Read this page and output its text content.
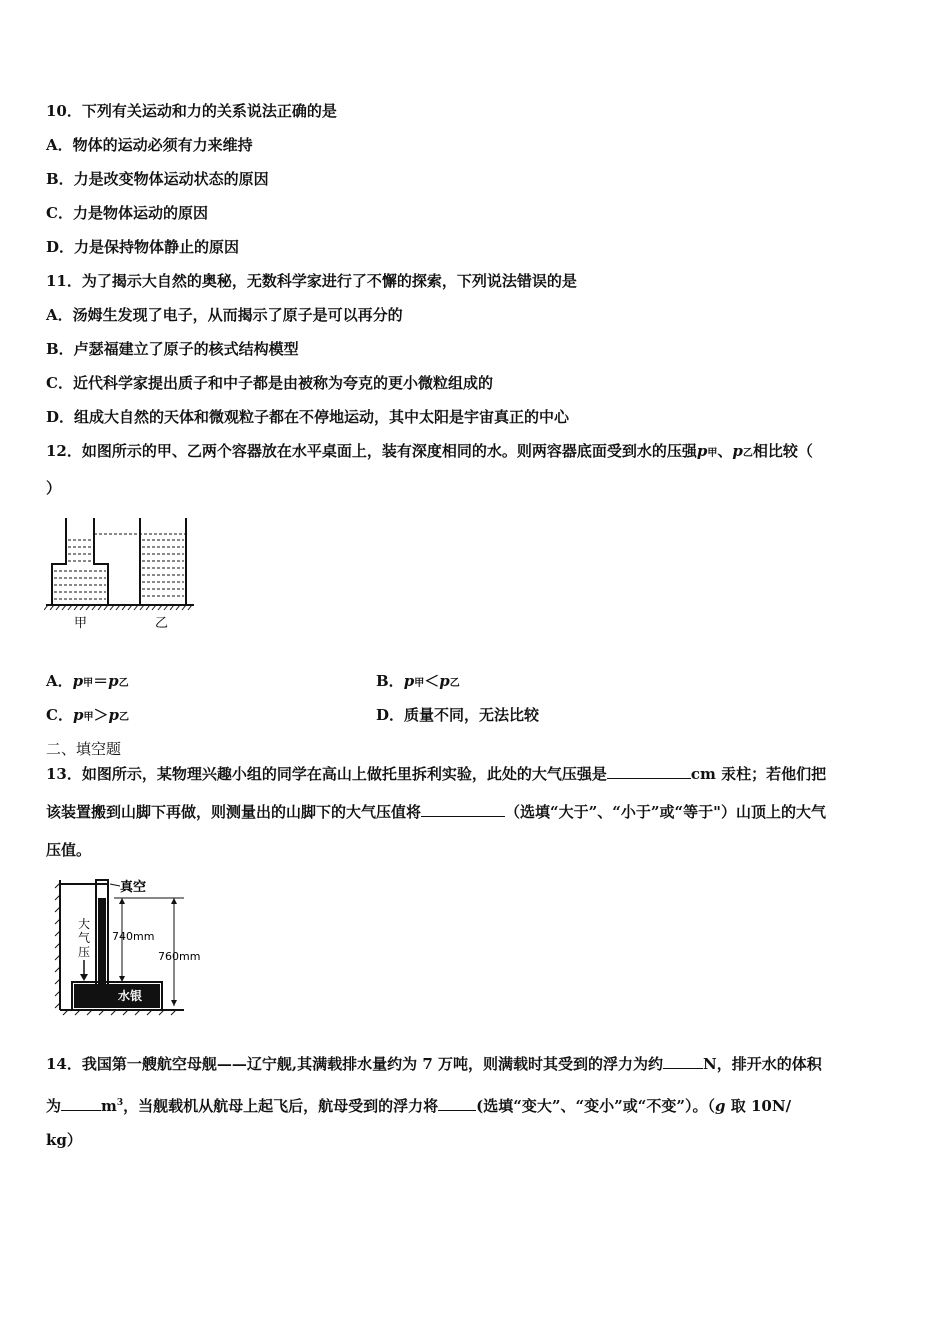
10．下列有关运动和力的关系说法正确的是
A．物体的运动必须有力来维持
B．力是改变物体运动状态的原因
C．力是物体运动的原因
D．力是保持物体静止的原因
11．为了揭示大自然的奥秘，无数科学家进行了不懈的探索，下列说法错误的是
A．汤姆生发现了电子，从而揭示了原子是可以再分的
B．卢瑟福建立了原子的核式结构模型
C．近代科学家提出质子和中子都是由被称为夸克的更小微粒组成的
D．组成大自然的天体和微观粒子都在不停地运动，其中太阳是宇宙真正的中心
12．如图所示的甲、乙两个容器放在水平桌面上，装有深度相同的水。则两容器底面受到水的压强p甲、p乙相比较（
）
甲	乙
A．p甲＝p乙	B．p甲＜p乙
C．p甲＞p乙	D．质量不同，无法比较
二、填空题
13．如图所示，某物理兴趣小组的同学在高山上做托里拆利实验，此处的大气压强是	cm 汞柱；若他们把
该装置搬到山脚下再做，则测量出的山脚下的大气压值将	（选填“大于”、“小于”或“等于"）山顶上的大气
压值。
真空
大
气
压
740mm
760mm
水银
14．我国第一艘航空母舰——辽宁舰,其满载排水量约为 7 万吨，则满载时其受到的浮力为约	N，排开水的体积
为	$m^3$，当舰载机从航母上起飞后，航母受到的浮力将	(选填“变大”、“变小”或“不变”）。（g 取 10N/
kg）
